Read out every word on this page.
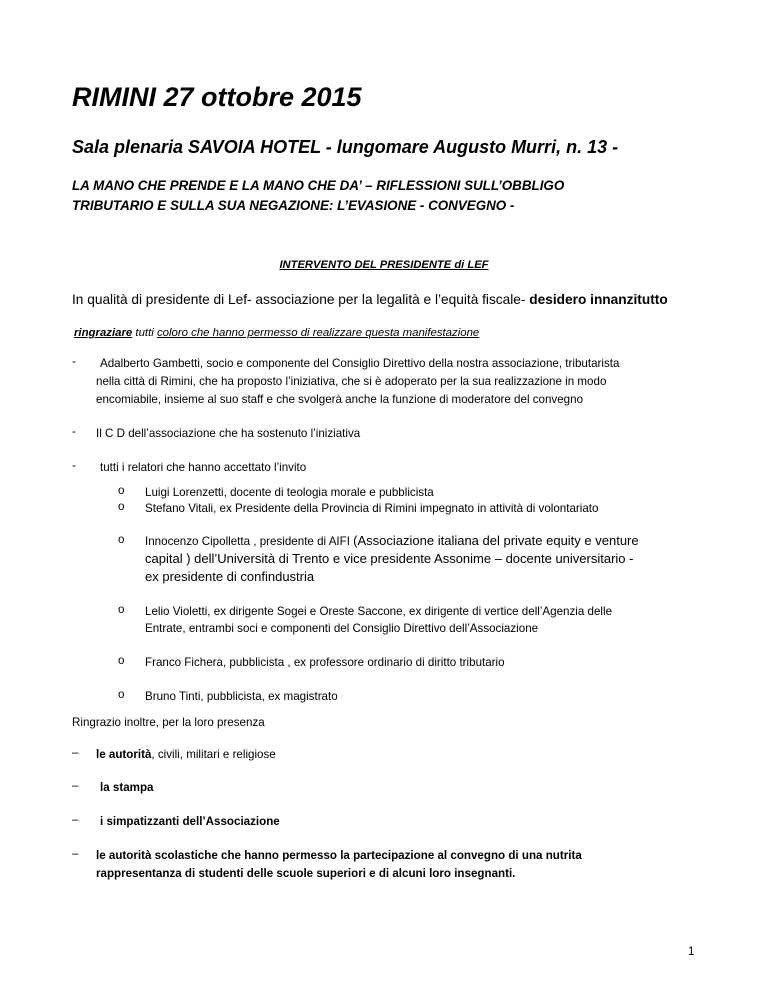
RIMINI 27 ottobre 2015
Sala plenaria SAVOIA HOTEL - lungomare Augusto Murri, n. 13 -
LA MANO CHE PRENDE E LA MANO CHE DA’ – RIFLESSIONI SULL’OBBLIGO
TRIBUTARIO E SULLA SUA NEGAZIONE: L’EVASIONE - CONVEGNO -
INTERVENTO DEL PRESIDENTE di LEF
In qualità di presidente di Lef- associazione per la legalità e l’equità fiscale- desidero innanzitutto
ringraziare tutti coloro che hanno permesso di realizzare questa manifestazione
- Adalberto Gambetti, socio e componente del Consiglio Direttivo della nostra associazione, tributarista
nella città di Rimini, che ha proposto l’iniziativa, che si è adoperato per la sua realizzazione in modo
encomiabile, insieme al suo staff e che svolgerà anche la funzione di moderatore del convegno
- Il C D dell’associazione che ha sostenuto l’iniziativa
- tutti i relatori che hanno accettato l’invito
o Luigi Lorenzetti, docente di teologia morale e pubblicista
o Stefano Vitali, ex Presidente della Provincia di Rimini impegnato in attività di volontariato
o Innocenzo Cipolletta , presidente di AIFI (Associazione italiana del private equity e venture
capital ) dell’Università di Trento e vice presidente Assonime – docente universitario -
ex presidente di confindustria
o Lelio Violetti, ex dirigente Sogei e Oreste Saccone, ex dirigente di vertice dell’Agenzia delle
Entrate, entrambi soci e componenti del Consiglio Direttivo dell’Associazione
o Franco Fichera, pubblicista , ex professore ordinario di diritto tributario
o Bruno Tinti, pubblicista, ex magistrato
Ringrazio inoltre, per la loro presenza
– le autorità, civili, militari e religiose
– la stampa
– i simpatizzanti dell’Associazione
– le autorità scolastiche che hanno permesso la partecipazione al convegno di una nutrita
rappresentanza di studenti delle scuole superiori e di alcuni loro insegnanti.
1
